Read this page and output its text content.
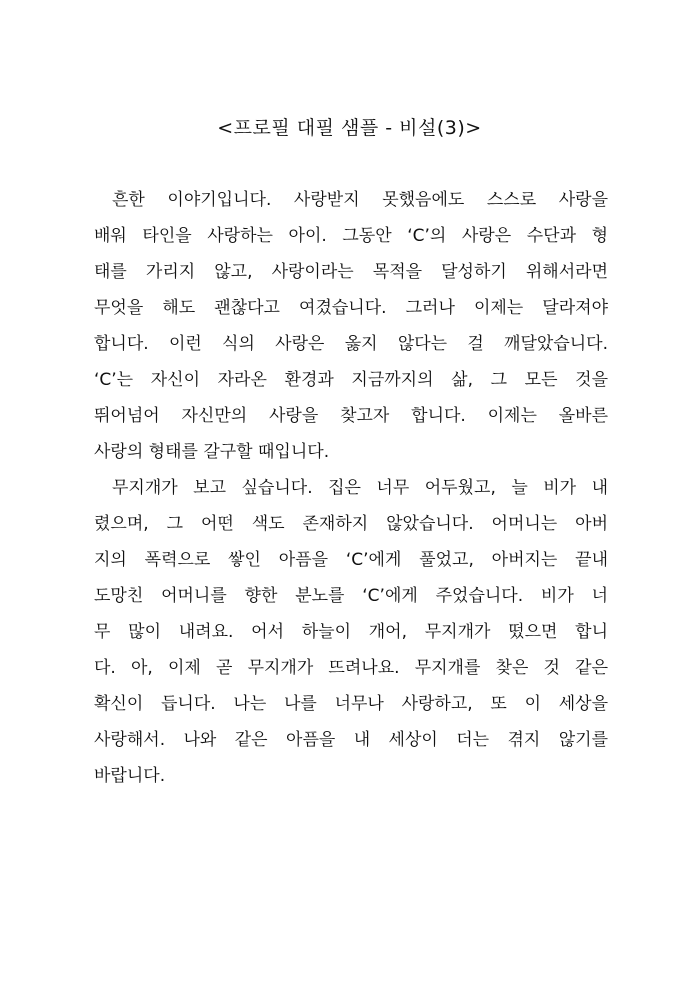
<프로필 대필 샘플 - 비설(3)>
흔한 이야기입니다. 사랑받지 못했음에도 스스로 사랑을
배워 타인을 사랑하는 아이. 그동안 ‘C’의 사랑은 수단과 형
태를 가리지 않고, 사랑이라는 목적을 달성하기 위해서라면
무엇을 해도 괜찮다고 여겼습니다. 그러나 이제는 달라져야
합니다. 이런 식의 사랑은 옳지 않다는 걸 깨달았습니다.
‘C’는 자신이 자라온 환경과 지금까지의 삶, 그 모든 것을
뛰어넘어 자신만의 사랑을 찾고자 합니다. 이제는 올바른
사랑의 형태를 갈구할 때입니다.
무지개가 보고 싶습니다. 집은 너무 어두웠고, 늘 비가 내
렸으며, 그 어떤 색도 존재하지 않았습니다. 어머니는 아버
지의 폭력으로 쌓인 아픔을 ‘C’에게 풀었고, 아버지는 끝내
도망친 어머니를 향한 분노를 ‘C’에게 주었습니다. 비가 너
무 많이 내려요. 어서 하늘이 개어, 무지개가 떴으면 합니
다. 아, 이제 곧 무지개가 뜨려나요. 무지개를 찾은 것 같은
확신이 듭니다. 나는 나를 너무나 사랑하고, 또 이 세상을
사랑해서. 나와 같은 아픔을 내 세상이 더는 겪지 않기를
바랍니다.
